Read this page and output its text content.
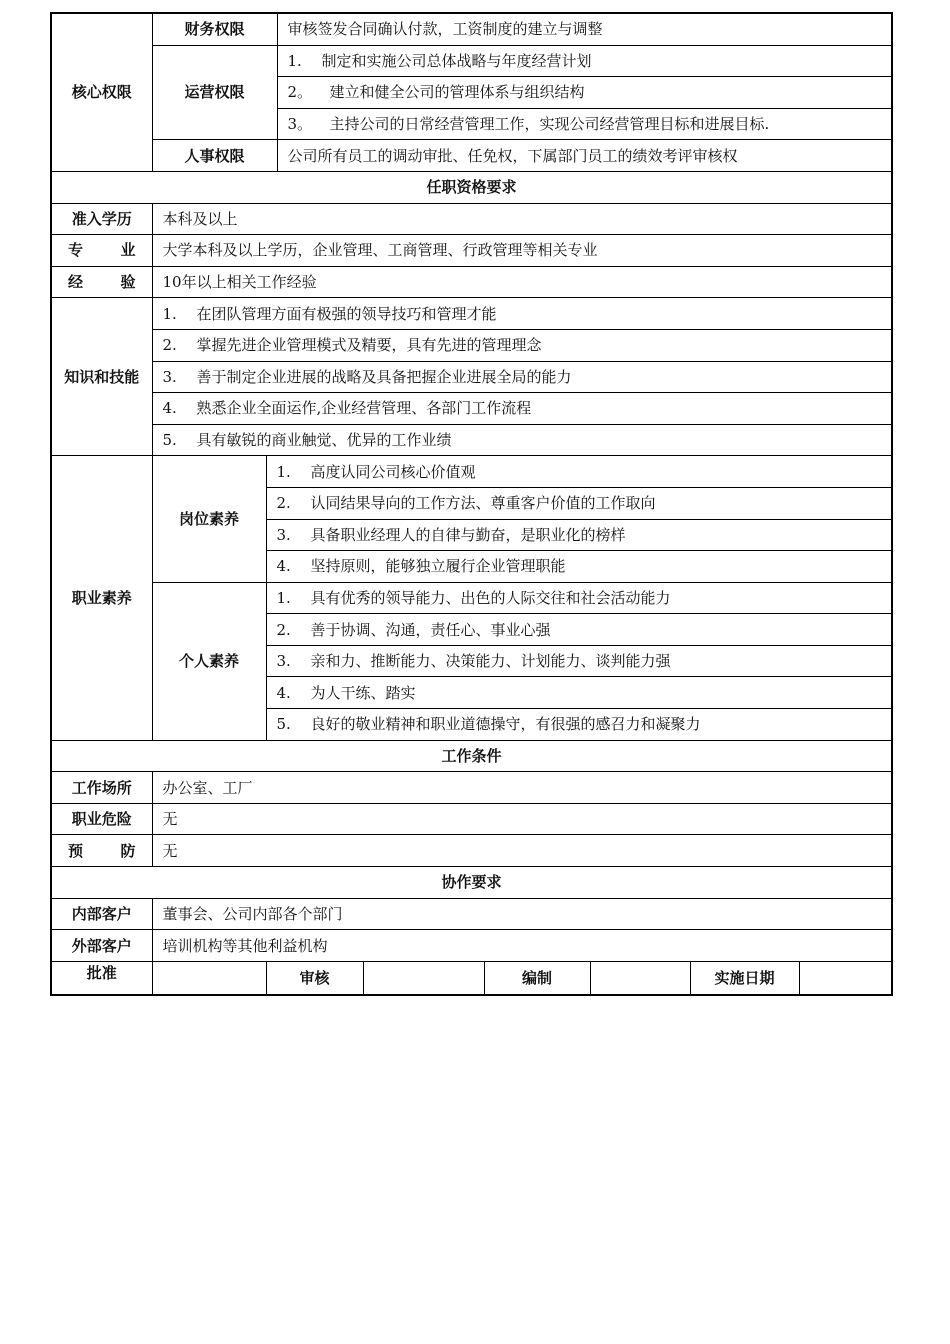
核心权限	财务权限		审核签发合同确认付款，工资制度的建立与调整					
	运营权限		1. 制定和实施公司总体战略与年度经营计划					
			2。 建立和健全公司的管理体系与组织结构					
			3。 主持公司的日常经营管理工作，实现公司经营管理目标和进展目标.					
	人事权限		公司所有员工的调动审批、任免权，下属部门员工的绩效考评审核权					
任职资格要求								
准入学历	本科及以上							

专 业	大学本科及以上学历，企业管理、工商管理、行政管理等相关专业							

经 验	10年以上相关工作经验							
知识和技能	1. 在团队管理方面有极强的领导技巧和管理才能							
	2. 掌握先进企业管理模式及精要，具有先进的管理理念							
	3. 善于制定企业进展的战略及具备把握企业进展全局的能力							
	4. 熟悉企业全面运作,企业经营管理、各部门工作流程							
	5. 具有敏锐的商业触觉、优异的工作业绩							
职业素养	岗位素养	1. 高度认同公司核心价值观						
		2. 认同结果导向的工作方法、尊重客户价值的工作取向						
		3. 具备职业经理人的自律与勤奋，是职业化的榜样						
		4. 坚持原则，能够独立履行企业管理职能						
	个人素养	1. 具有优秀的领导能力、出色的人际交往和社会活动能力						
		2. 善于协调、沟通，责任心、事业心强						
		3. 亲和力、推断能力、决策能力、计划能力、谈判能力强						
		4. 为人干练、踏实						
		5. 良好的敬业精神和职业道德操守，有很强的感召力和凝聚力						
工作条件								
工作场所	办公室、工厂							
职业危险	无							

预 防	无							
协作要求								
内部客户	董事会、公司内部各个部门							
外部客户	培训机构等其他利益机构							
批准		审核			编制		实施日期	
